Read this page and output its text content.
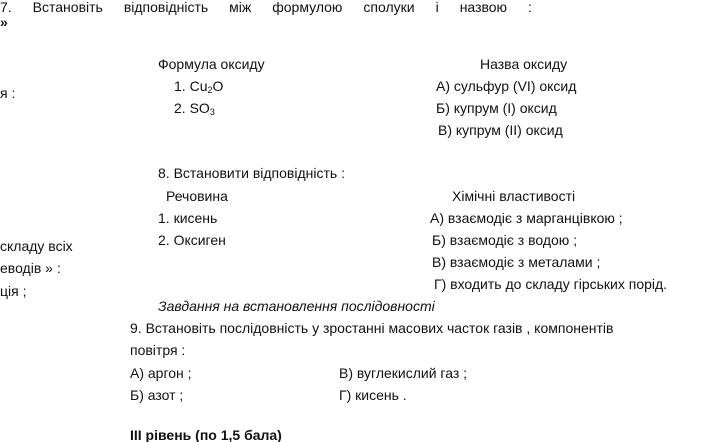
»
я :
складу всіх
еводів » :
ція ;
7. Встановіть відповідність між формулою сполуки і назвою :
Формула оксиду	Назва оксиду
1. $Cu_2O$
2. $SO_3$
А) сульфур (VI) оксид
Б) купрум (I) оксид
В) купрум (II) оксид
8. Встановити відповідність :
Речовина	Хімічні властивості
1. кисень
2. Оксиген
А) взаємодіє з марганцівкою ;
Б) взаємодіє з водою ;
В) взаємодіє з металами ;
Г) входить до складу гірських порід.
Завдання на встановлення послідовності
9. Встановіть послідовність у зростанні масових часток газів , компонентів
повітря :
А) аргон ;
Б) азот ;
В) вуглекислий газ ;
Г) кисень .
ІІІ рівень (по 1,5 бала)
